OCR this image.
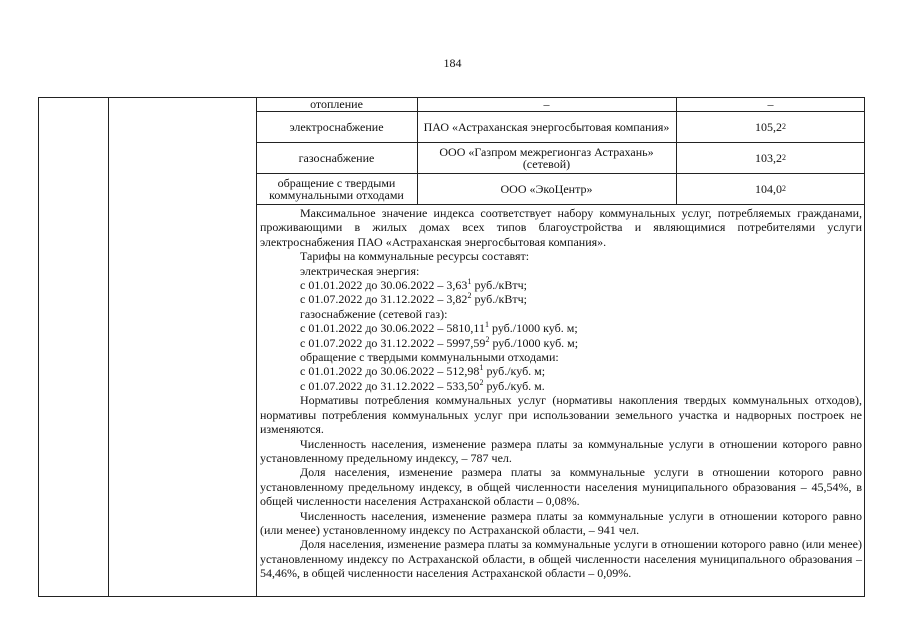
184
отопление	–	–
электроснабжение	ПАО «Астраханская энергосбытовая компания»	105,2 2
газоснабжение	ООО «Газпром межрегионгаз Астрахань» (сетевой)	103,2 2
обращение с твердыми коммунальными отходами	ООО «ЭкоЦентр»	104,0 2

Максимальное значение индекса соответствует набору коммунальных услуг, потребляемых гражданами, проживающими в жилых домах всех типов благоустройства и являющимися потребителями услуги электроснабжения ПАО «Астраханская энергосбытовая компания».

Тарифы на коммунальные ресурсы составят:

электрическая энергия:

с 01.01.2022 до 30.06.2022 – 3,63$^1$ руб./кВтч;

с 01.07.2022 до 31.12.2022 – 3,82$^2$ руб./кВтч;

газоснабжение (сетевой газ):

с 01.01.2022 до 30.06.2022 – 5810,11$^1$ руб./1000 куб. м;

с 01.07.2022 до 31.12.2022 – 5997,59$^2$ руб./1000 куб. м;

обращение с твердыми коммунальными отходами:

с 01.01.2022 до 30.06.2022 – 512,98$^1$ руб./куб. м;

с 01.07.2022 до 31.12.2022 – 533,50$^2$ руб./куб. м.

Нормативы потребления коммунальных услуг (нормативы накопления твердых коммунальных отходов), нормативы потребления коммунальных услуг при использовании земельного участка и надворных построек не изменяются.

Численность населения, изменение размера платы за коммунальные услуги в отношении которого равно установленному предельному индексу, – 787 чел.

Доля населения, изменение размера платы за коммунальные услуги в отношении которого равно установленному предельному индексу, в общей численности населения муниципального образования – 45,54%, в общей численности населения Астраханской области – 0,08%.

Численность населения, изменение размера платы за коммунальные услуги в отношении которого равно (или менее) установленному индексу по Астраханской области, – 941 чел.

Доля населения, изменение размера платы за коммунальные услуги в отношении которого равно (или менее) установленному индексу по Астраханской области, в общей численности населения муниципального образования – 54,46%, в общей численности населения Астраханской области – 0,09%.
